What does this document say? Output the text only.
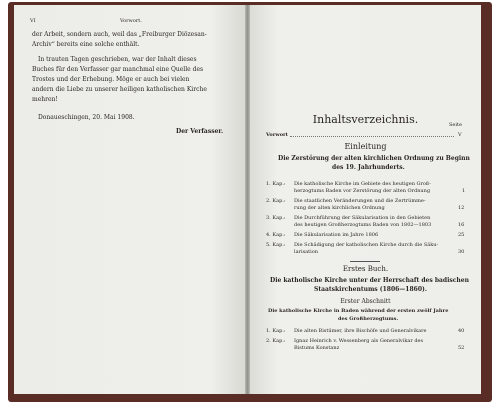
VI	Vorwort.
der Arbeit, sondern auch, weil das „Freiburger Diözesan-
Archiv“ bereits eine solche enthält.
In trauten Tagen geschrieben, war der Inhalt dieses
Buches für den Verfasser gar manchmal eine Quelle des
Trostes und der Erhebung. Möge er auch bei vielen
andern die Liebe zu unserer heiligen katholischen Kirche
mehren!
Donaueschingen, 20. Mai 1908.
Der Verfasser.
Inhaltsverzeichnis.	Seite
Vorwort	V
Einleitung
Die Zerstörung der alten kirchlichen Ordnung zu Beginn
des 19. Jahrhunderts.
1. Kap.: Die katholische Kirche im Gebiete des heutigen Groß-
herzogtums Baden vor Zerstörung der alten Ordnung	1
2. Kap.: Die staatlichen Veränderungen und die Zertrümme-
rung der alten kirchlichen Ordnung	12
3. Kap.: Die Durchführung der Säkularisation in den Gebieten
des heutigen Großherzogtums Baden von 1802—1803	16
4. Kap.: Die Säkularisation im Jahre 1806	25
5. Kap.: Die Schädigung der katholischen Kirche durch die Säku-
larisation	30
Erstes Buch.
Die katholische Kirche unter der Herrschaft des badischen
Staatskirchentums (1806—1860).
Erster Abschnitt
Die katholische Kirche in Baden während der ersten zwölf Jahre
des Großherzogtums.
1. Kap.: Die alten Bistümer, ihre Bischöfe und Generalvikare	40
2. Kap.: Ignaz Heinrich v. Wessenberg als Generalvikar des
Bistums Konstanz	52
